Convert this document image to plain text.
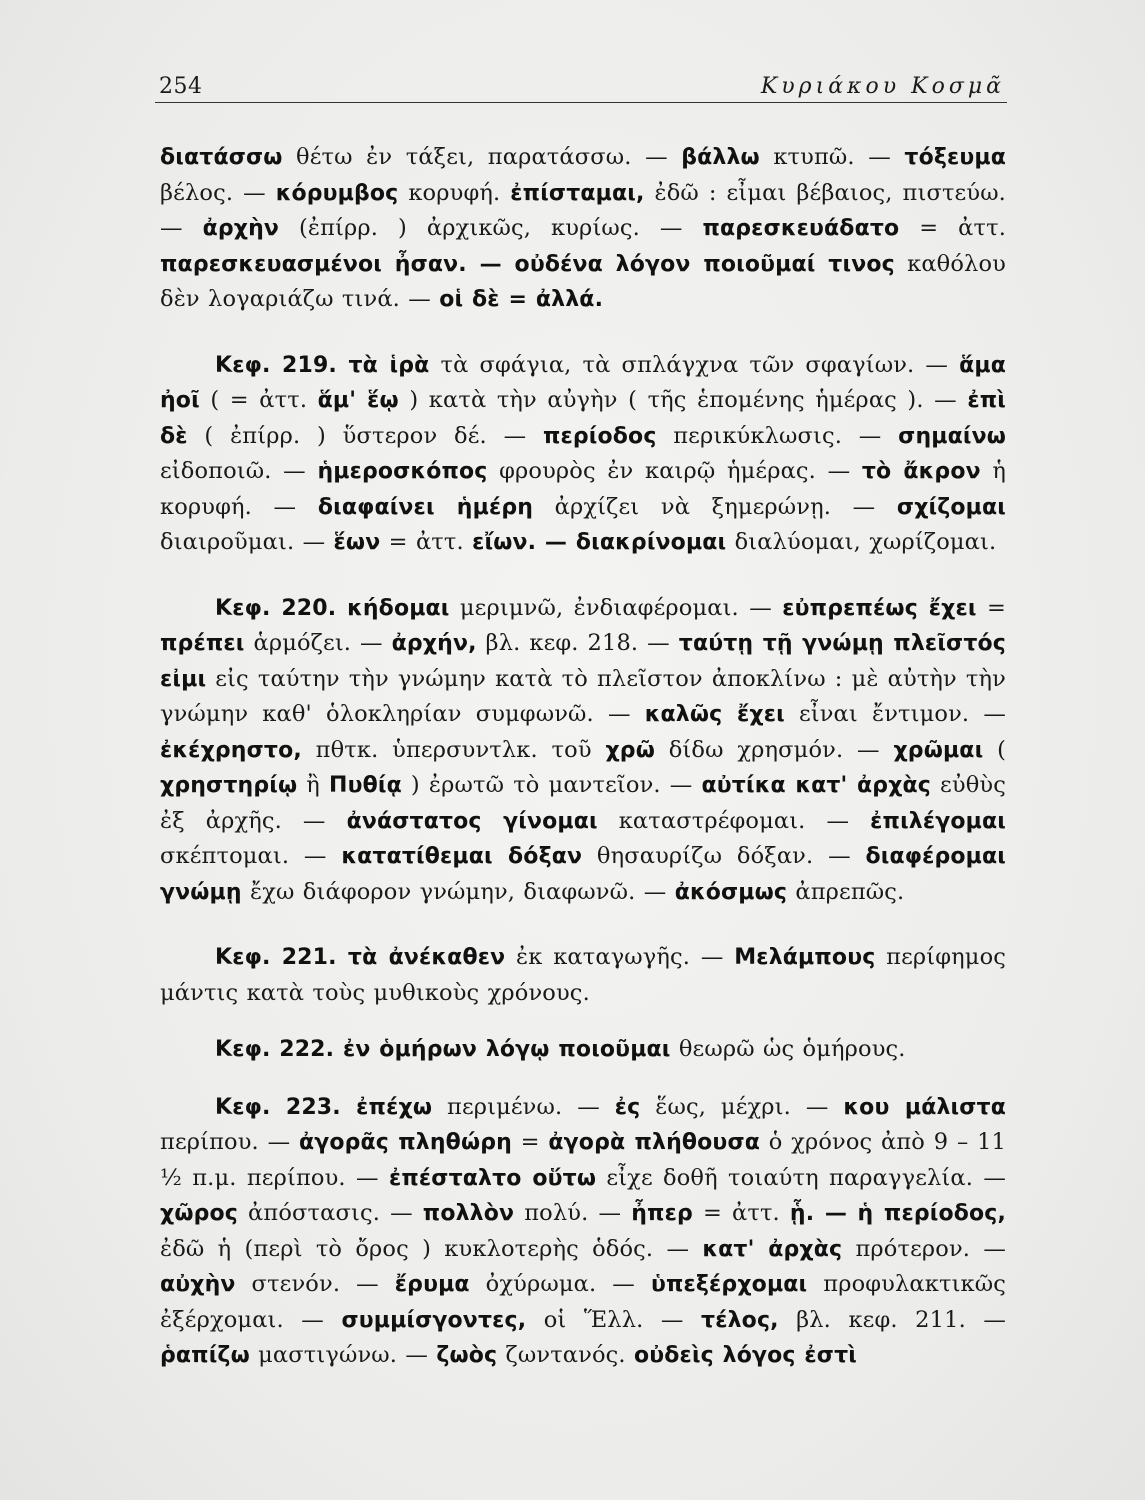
254	Κυριάκου Κοσμᾶ

διατάσσω θέτω ἐν τάξει, παρατάσσω. — βάλλω κτυπῶ. — τόξευμα βέλος. — κόρυμβος κορυφή. ἐπίσταμαι, ἐδῶ : εἶμαι βέβαιος, πιστεύω. — ἀρχὴν (ἐπίρρ. ) ἀρχικῶς, κυρίως. — παρεσκευάδατο = ἀττ. παρεσκευασμένοι ἦσαν. — οὐδένα λόγον ποιοῦμαί τινος καθόλου δὲν λογαριάζω τινά. — οἱ δὲ = ἀλλά.

Κεφ. 219. τὰ ἱρὰ τὰ σφάγια, τὰ σπλάγχνα τῶν σφαγίων. — ἅμα ἠοῖ ( = ἀττ. ἅμ' ἕῳ ) κατὰ τὴν αὐγὴν ( τῆς ἑπομένης ἡμέρας ). — ἐπὶ δὲ ( ἐπίρρ. ) ὕστερον δέ. — περίοδος περικύκλωσις. — σημαίνω εἰδοποιῶ. — ἡμεροσκόπος φρουρὸς ἐν καιρῷ ἡμέρας. — τὸ ἄκρον ἡ κορυφή. — διαφαίνει ἡμέρη ἀρχίζει νὰ ξημερώνῃ. — σχίζομαι διαιροῦμαι. — ἕων = ἀττ. εἴων. — διακρίνομαι διαλύομαι, χωρίζομαι.

Κεφ. 220. κήδομαι μεριμνῶ, ἐνδιαφέρομαι. — εὐπρεπέως ἔχει = πρέπει ἁρμόζει. — ἀρχήν, βλ. κεφ. 218. — ταύτῃ τῇ γνώμῃ πλεῖστός εἰμι εἰς ταύτην τὴν γνώμην κατὰ τὸ πλεῖστον ἀποκλίνω : μὲ αὐτὴν τὴν γνώμην καθ' ὁλοκληρίαν συμφωνῶ. — καλῶς ἔχει εἶναι ἔντιμον. — ἐκέχρηστο, πθτκ. ὑπερσυντλκ. τοῦ χρῶ δίδω χρησμόν. — χρῶμαι ( χρηστηρίῳ ἢ Πυθίᾳ ) ἐρωτῶ τὸ μαντεῖον. — αὐτίκα κατ' ἀρχὰς εὐθὺς ἐξ ἀρχῆς. — ἀνάστατος γίνομαι καταστρέφομαι. — ἐπιλέγομαι σκέπτομαι. — κατατίθεμαι δόξαν θησαυρίζω δόξαν. — διαφέρομαι γνώμῃ ἔχω διάφορον γνώμην, διαφωνῶ. — ἀκόσμως ἀπρεπῶς.

Κεφ. 221. τὰ ἀνέκαθεν ἐκ καταγωγῆς. — Μελάμπους περίφημος μάντις κατὰ τοὺς μυθικοὺς χρόνους.

Κεφ. 222. ἐν ὁμήρων λόγῳ ποιοῦμαι θεωρῶ ὡς ὁμήρους.

Κεφ. 223. ἐπέχω περιμένω. — ἐς ἕως, μέχρι. — κου μάλιστα περίπου. — ἀγορᾶς πληθώρη = ἀγορὰ πλήθουσα ὁ χρόνος ἀπὸ 9 – 11 ½ π.μ. περίπου. — ἐπέσταλτο οὕτω εἶχε δοθῆ τοιαύτη παραγγελία. — χῶρος ἀπόστασις. — πολλὸν πολύ. — ἦπερ = ἀττ. ᾗ. — ἡ περίοδος, ἐδῶ ἡ (περὶ τὸ ὄρος ) κυκλοτερὴς ὁδός. — κατ' ἀρχὰς πρότερον. — αὐχὴν στενόν. — ἔρυμα ὀχύρωμα. — ὑπεξέρχομαι προφυλακτικῶς ἐξέρχομαι. — συμμίσγοντες, οἱ Ἕλλ. — τέλος, βλ. κεφ. 211. — ῥαπίζω μαστιγώνω. — ζωὸς ζωντανός. οὐδεὶς λόγος ἐστὶ
